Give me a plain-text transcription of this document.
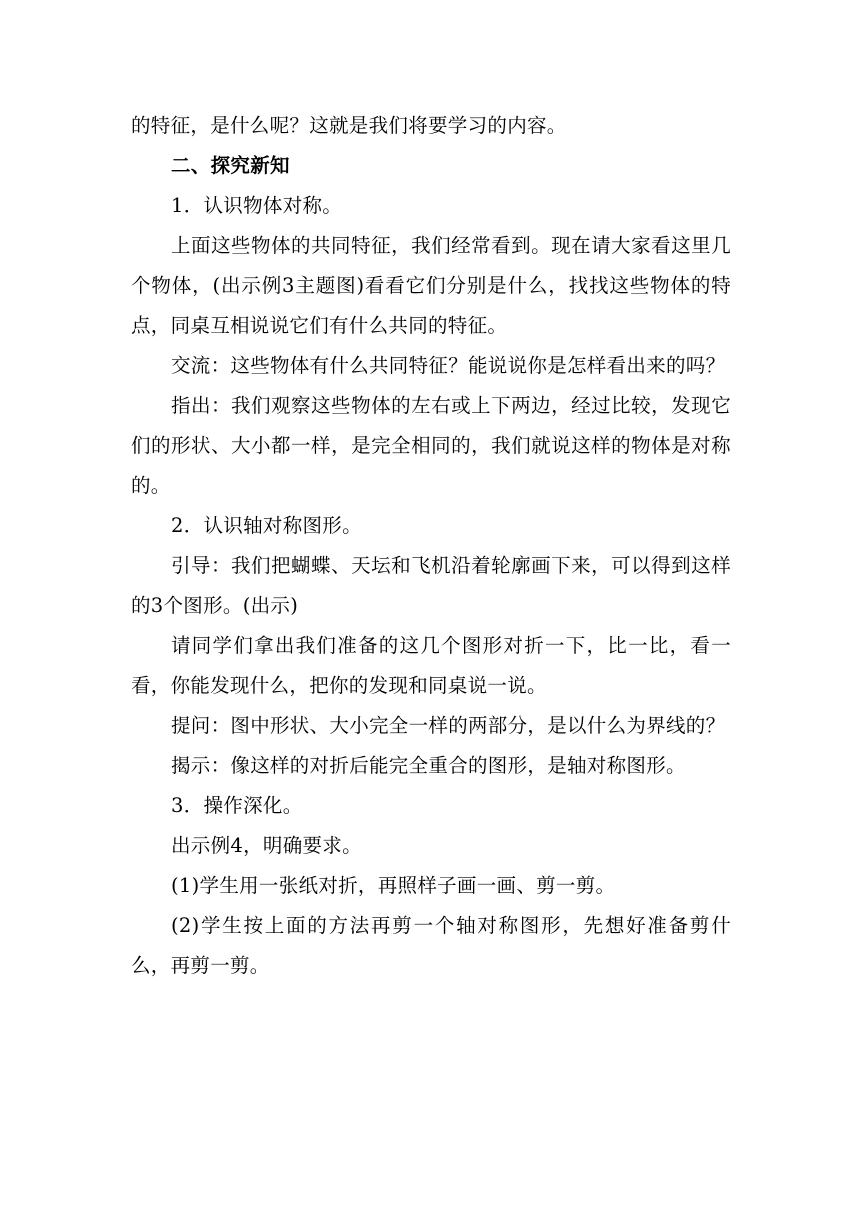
的特征，是什么呢？这就是我们将要学习的内容。

二、探究新知

1．认识物体对称。

上面这些物体的共同特征，我们经常看到。现在请大家看这里几个物体，(出示例3主题图)看看它们分别是什么，找找这些物体的特点，同桌互相说说它们有什么共同的特征。

交流：这些物体有什么共同特征？能说说你是怎样看出来的吗？

指出：我们观察这些物体的左右或上下两边，经过比较，发现它们的形状、大小都一样，是完全相同的，我们就说这样的物体是对称的。

2．认识轴对称图形。

引导：我们把蝴蝶、天坛和飞机沿着轮廓画下来，可以得到这样的3个图形。(出示)

请同学们拿出我们准备的这几个图形对折一下，比一比，看一看，你能发现什么，把你的发现和同桌说一说。

提问：图中形状、大小完全一样的两部分，是以什么为界线的？

揭示：像这样的对折后能完全重合的图形，是轴对称图形。

3．操作深化。

出示例4，明确要求。

(1)学生用一张纸对折，再照样子画一画、剪一剪。

(2)学生按上面的方法再剪一个轴对称图形，先想好准备剪什么，再剪一剪。
